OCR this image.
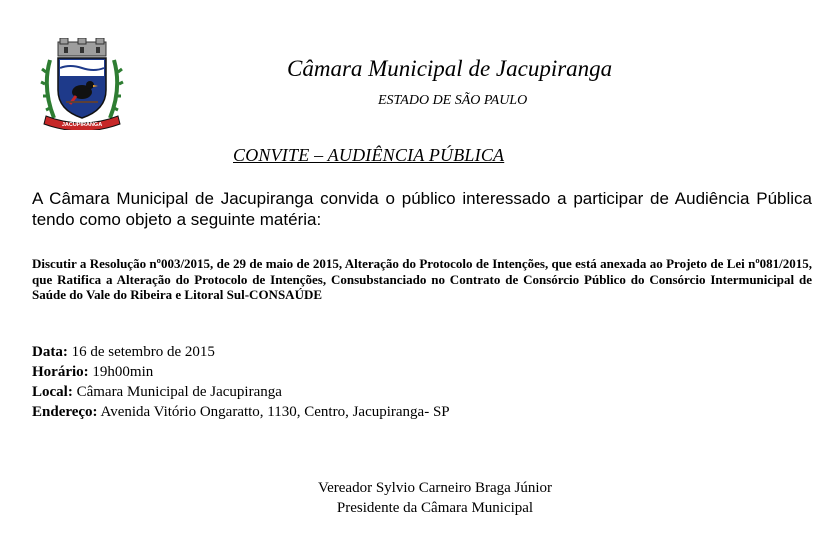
JACUPIRANGA
Câmara Municipal de Jacupiranga
ESTADO DE SÃO PAULO
CONVITE – AUDIÊNCIA PÚBLICA
A Câmara Municipal de Jacupiranga convida o público interessado a participar de Audiência Pública tendo como objeto a seguinte matéria:
Discutir a Resolução nº003/2015, de 29 de maio de 2015, Alteração do Protocolo de Intenções, que está anexada ao Projeto de Lei nº081/2015, que Ratifica a Alteração do Protocolo de Intenções, Consubstanciado no Contrato de Consórcio Público do Consórcio Intermunicipal de Saúde do Vale do Ribeira e Litoral Sul-CONSAÚDE
Data: 16 de setembro de 2015
Horário: 19h00min
Local: Câmara Municipal de Jacupiranga
Endereço: Avenida Vitório Ongaratto, 1130, Centro, Jacupiranga- SP
Vereador Sylvio Carneiro Braga Júnior
Presidente da Câmara Municipal
